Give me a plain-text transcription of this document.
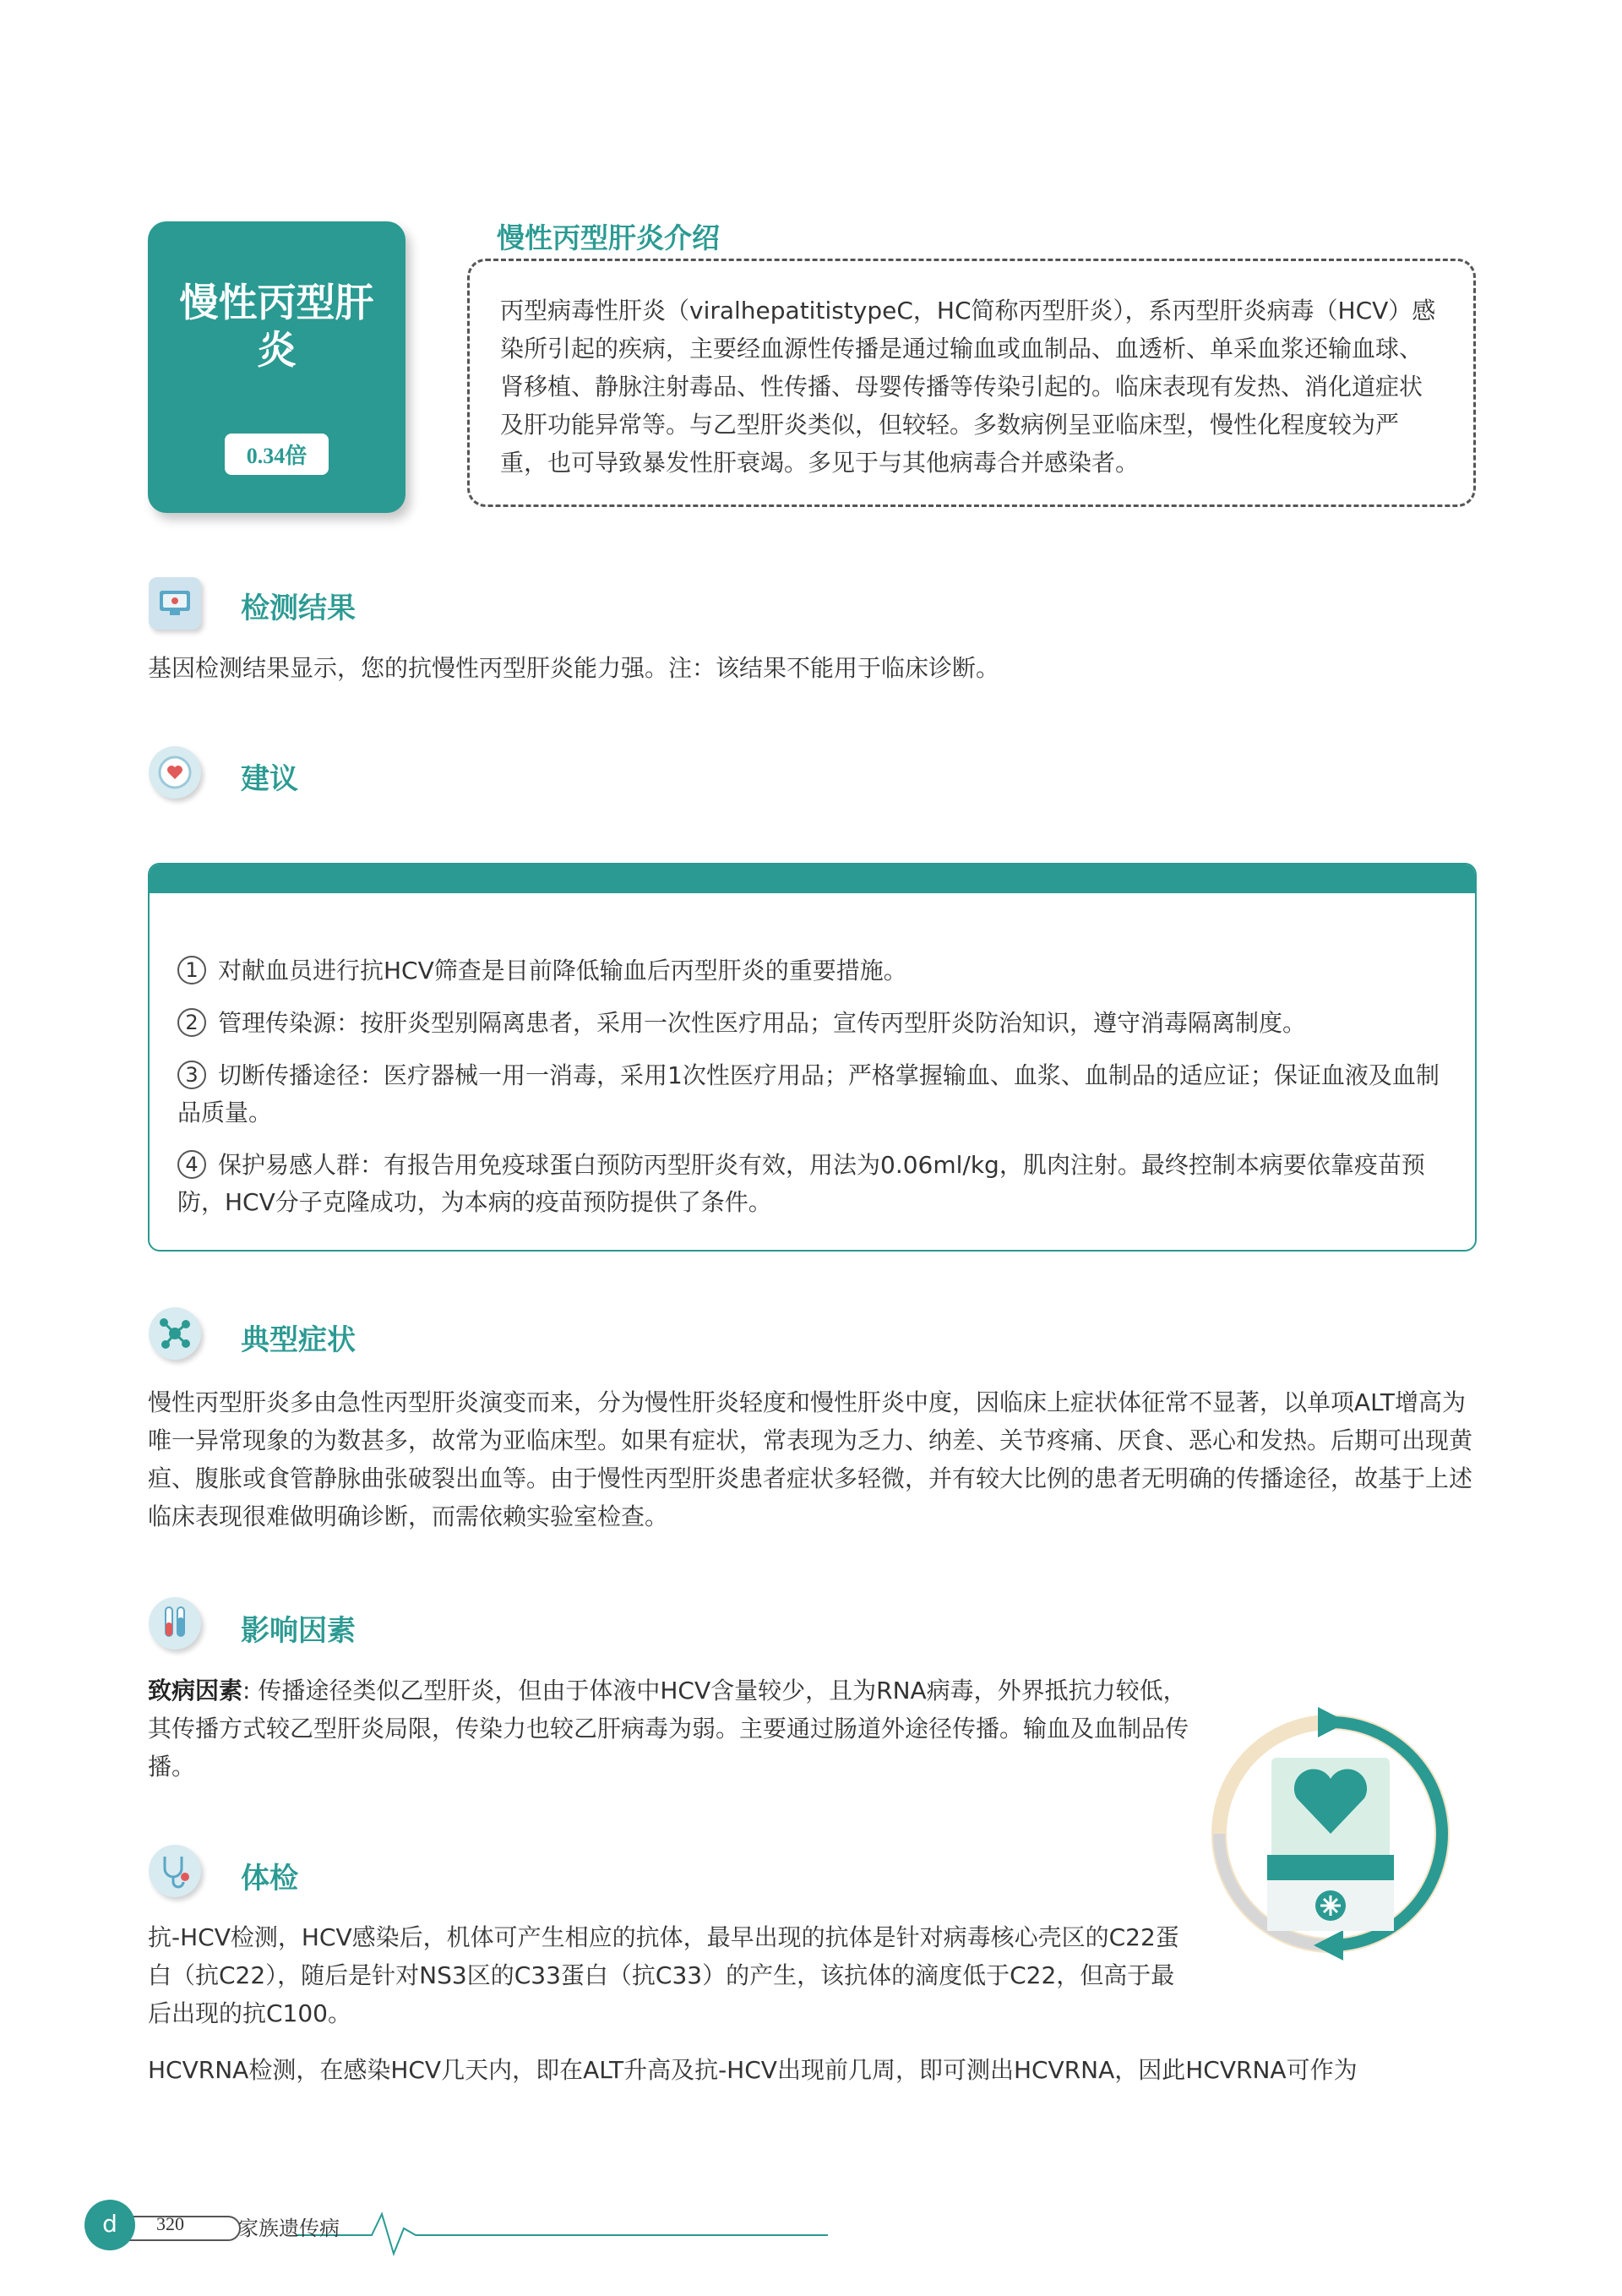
慢性丙型肝炎
0.34倍
慢性丙型肝炎介绍
丙型病毒性肝炎（viralhepatitistypeC，HC简称丙型肝炎），系丙型肝炎病毒（HCV）感染所引起的疾病，主要经血源性传播是通过输血或血制品、血透析、单采血浆还输血球、肾移植、静脉注射毒品、性传播、母婴传播等传染引起的。临床表现有发热、消化道症状及肝功能异常等。与乙型肝炎类似，但较轻。多数病例呈亚临床型，慢性化程度较为严重，也可导致暴发性肝衰竭。多见于与其他病毒合并感染者。
检测结果
基因检测结果显示，您的抗慢性丙型肝炎能力强。注：该结果不能用于临床诊断。
建议
1 对献血员进行抗HCV筛查是目前降低输血后丙型肝炎的重要措施。
2 管理传染源：按肝炎型别隔离患者，采用一次性医疗用品；宣传丙型肝炎防治知识，遵守消毒隔离制度。
3 切断传播途径：医疗器械一用一消毒，采用1次性医疗用品；严格掌握输血、血浆、血制品的适应证；保证血液及血制品质量。
4 保护易感人群：有报告用免疫球蛋白预防丙型肝炎有效，用法为0.06ml/kg，肌肉注射。最终控制本病要依靠疫苗预防，HCV分子克隆成功，为本病的疫苗预防提供了条件。
典型症状
慢性丙型肝炎多由急性丙型肝炎演变而来，分为慢性肝炎轻度和慢性肝炎中度，因临床上症状体征常不显著，以单项ALT增高为唯一异常现象的为数甚多，故常为亚临床型。如果有症状，常表现为乏力、纳差、关节疼痛、厌食、恶心和发热。后期可出现黄疸、腹胀或食管静脉曲张破裂出血等。由于慢性丙型肝炎患者症状多轻微，并有较大比例的患者无明确的传播途径，故基于上述临床表现很难做明确诊断，而需依赖实验室检查。
影响因素
致病因素: 传播途径类似乙型肝炎，但由于体液中HCV含量较少，且为RNA病毒，外界抵抗力较低，其传播方式较乙型肝炎局限，传染力也较乙肝病毒为弱。主要通过肠道外途径传播。输血及血制品传播。
体检
抗-HCV检测，HCV感染后，机体可产生相应的抗体，最早出现的抗体是针对病毒核心壳区的C22蛋白（抗C22），随后是针对NS3区的C33蛋白（抗C33）的产生，该抗体的滴度低于C22，但高于最后出现的抗C100。
HCVRNA检测，在感染HCV几天内，即在ALT升高及抗-HCV出现前几周，即可测出HCVRNA，因此HCVRNA可作为
d	320	家族遗传病
